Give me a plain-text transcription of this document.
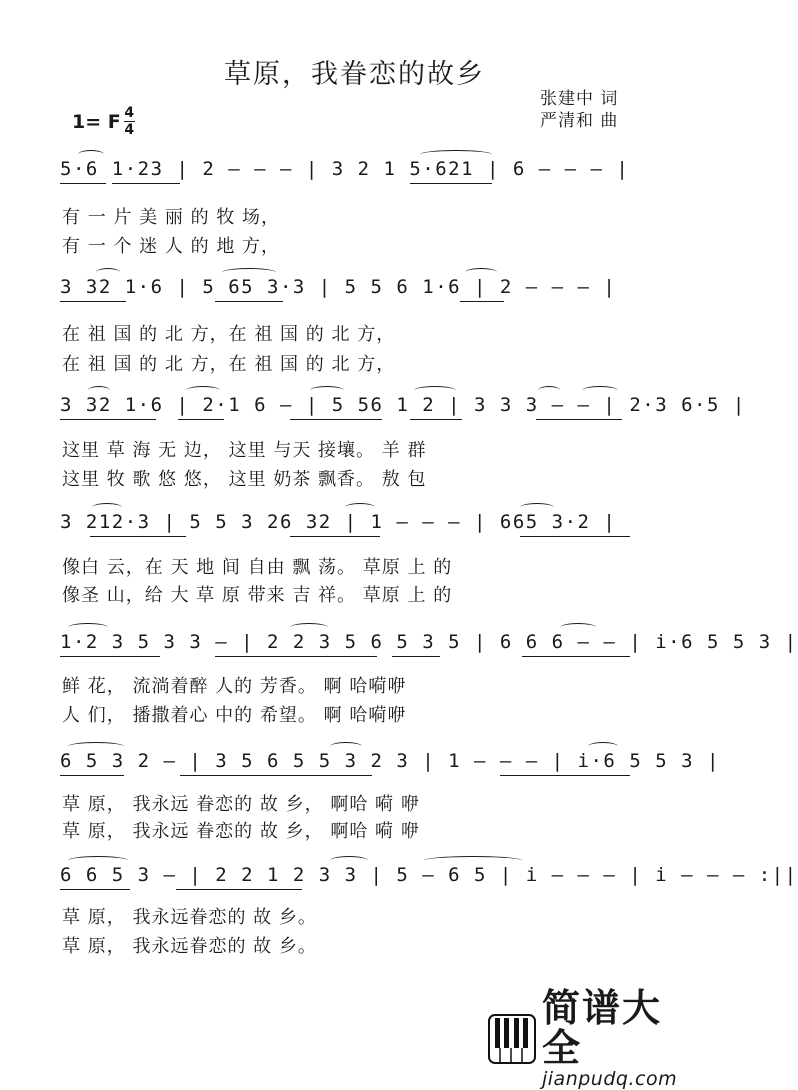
草原，我眷恋的故乡
1= F 4
4
张建中 词
严清和 曲
5·6 1·23 | 2 — — — | 3 2 1 5·621 | 6 — — — |
有 一 片 美 丽 的 牧 场，
有 一 个 迷 人 的 地 方，
3 32 1·6 | 5 65 3·3 | 5 5 6 1·6 | 2 — — — |
在 祖 国 的 北 方，在 祖 国 的 北 方，
在 祖 国 的 北 方，在 祖 国 的 北 方，
3 32 1·6 | 2·1 6 — | 5 56 1 2 | 3 3 3 — — | 2·3 6·5 |
这里 草 海 无 边， 这里 与天 接壤。 羊 群
这里 牧 歌 悠 悠， 这里 奶茶 飘香。 敖 包
3 212·3 | 5 5 3 26 32 | 1 — — — | 665 3·2 |
像白 云，在 天 地 间 自由 飘 荡。 草原 上 的
像圣 山，给 大 草 原 带来 吉 祥。 草原 上 的
1·2 3 5 3 3 — | 2 2 3 5 6 5 3 5 | 6 6 6 — — | i·6 5 5 3 |
鲜 花， 流淌着醉 人的 芳香。 啊 哈嗬咿
人 们， 播撒着心 中的 希望。 啊 哈嗬咿
6 5 3 2 — | 3 5 6 5 5 3 2 3 | 1 — — — | i·6 5 5 3 |
草 原， 我永远 眷恋的 故 乡， 啊哈 嗬 咿
草 原， 我永远 眷恋的 故 乡， 啊哈 嗬 咿
6 6 5 3 — | 2 2 1 2 3 3 | 5 — 6 5 | i — — — | i — — — :||
草 原， 我永远眷恋的 故 乡。
草 原， 我永远眷恋的 故 乡。
简谱大全
jianpudq.com
